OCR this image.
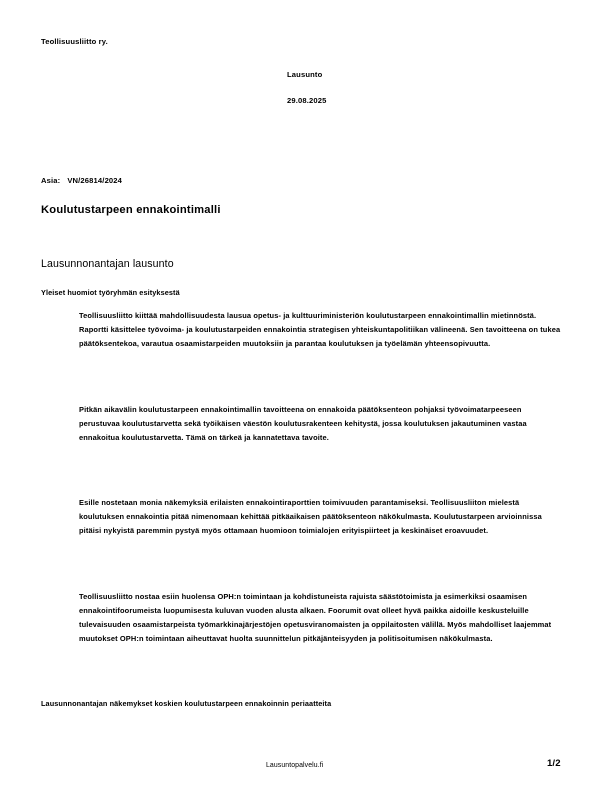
Teollisuusliitto ry.
Lausunto
29.08.2025
Asia: VN/26814/2024
Koulutustarpeen ennakointimalli
Lausunnonantajan lausunto
Yleiset huomiot työryhmän esityksestä
Teollisuusliitto kiittää mahdollisuudesta lausua opetus- ja kulttuuriministeriön koulutustarpeen ennakointimallin mietinnöstä. Raportti käsittelee työvoima- ja koulutustarpeiden ennakointia strategisen yhteiskuntapolitiikan välineenä. Sen tavoitteena on tukea päätöksentekoa, varautua osaamistarpeiden muutoksiin ja parantaa koulutuksen ja työelämän yhteensopivuutta.
Pitkän aikavälin koulutustarpeen ennakointimallin tavoitteena on ennakoida päätöksenteon pohjaksi työvoimatarpeeseen perustuvaa koulutustarvetta sekä työikäisen väestön koulutusrakenteen kehitystä, jossa koulutuksen jakautuminen vastaa ennakoitua koulutustarvetta. Tämä on tärkeä ja kannatettava tavoite.
Esille nostetaan monia näkemyksiä erilaisten ennakointiraporttien toimivuuden parantamiseksi. Teollisuusliiton mielestä koulutuksen ennakointia pitää nimenomaan kehittää pitkäaikaisen päätöksenteon näkökulmasta. Koulutustarpeen arvioinnissa pitäisi nykyistä paremmin pystyä myös ottamaan huomioon toimialojen erityispiirteet ja keskinäiset eroavuudet.
Teollisuusliitto nostaa esiin huolensa OPH:n toimintaan ja kohdistuneista rajuista säästötoimista ja esimerkiksi osaamisen ennakointifoorumeista luopumisesta kuluvan vuoden alusta alkaen. Foorumit ovat olleet hyvä paikka aidoille keskusteluille tulevaisuuden osaamistarpeista työmarkkinajärjestöjen opetusviranomaisten ja oppilaitosten välillä. Myös mahdolliset laajemmat muutokset OPH:n toimintaan aiheuttavat huolta suunnittelun pitkäjänteisyyden ja politisoitumisen näkökulmasta.
Lausunnonantajan näkemykset koskien koulutustarpeen ennakoinnin periaatteita
Lausuntopalvelu.fi	1/2
